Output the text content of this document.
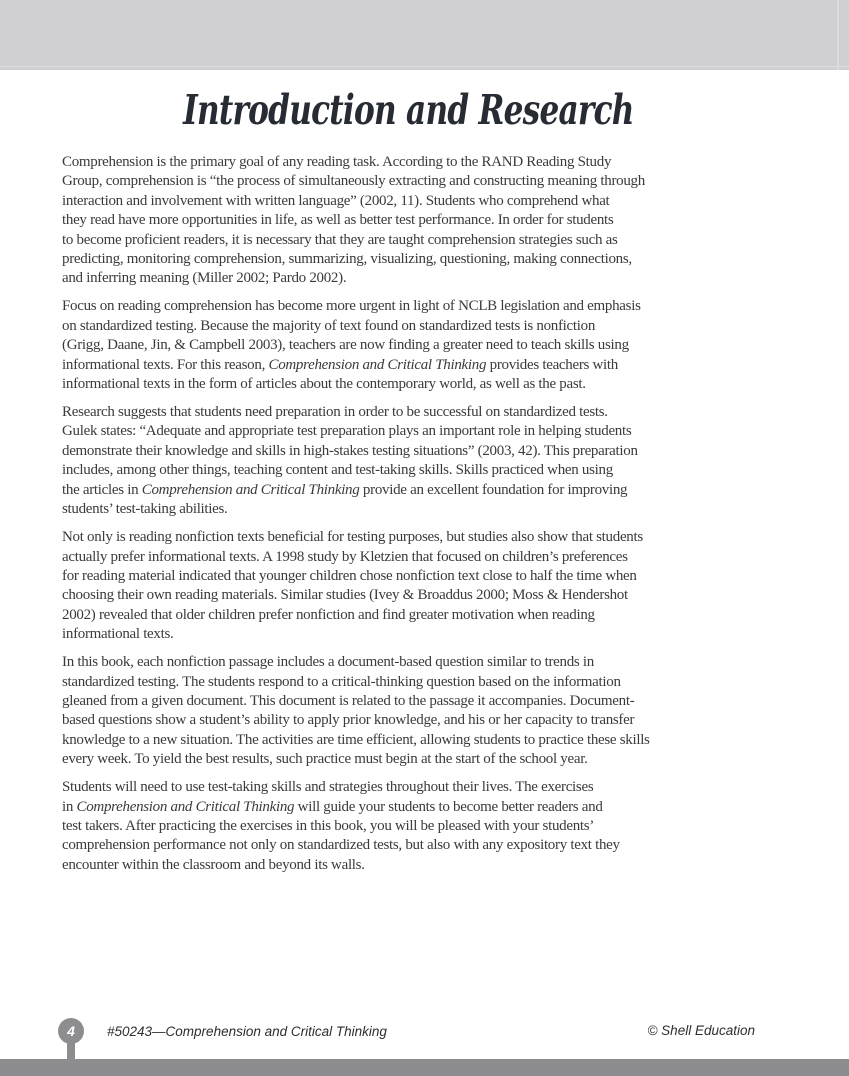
Introduction and Research

Comprehension is the primary goal of any reading task. According to the RAND Reading Study
Group, comprehension is “the process of simultaneously extracting and constructing meaning through
interaction and involvement with written language” (2002, 11). Students who comprehend what
they read have more opportunities in life, as well as better test performance. In order for students
to become proficient readers, it is necessary that they are taught comprehension strategies such as
predicting, monitoring comprehension, summarizing, visualizing, questioning, making connections,
and inferring meaning (Miller 2002; Pardo 2002).

Focus on reading comprehension has become more urgent in light of NCLB legislation and emphasis
on standardized testing. Because the majority of text found on standardized tests is nonfiction
(Grigg, Daane, Jin, & Campbell 2003), teachers are now finding a greater need to teach skills using
informational texts. For this reason, Comprehension and Critical Thinking provides teachers with
informational texts in the form of articles about the contemporary world, as well as the past.

Research suggests that students need preparation in order to be successful on standardized tests.
Gulek states: “Adequate and appropriate test preparation plays an important role in helping students
demonstrate their knowledge and skills in high-stakes testing situations” (2003, 42). This preparation
includes, among other things, teaching content and test-taking skills. Skills practiced when using
the articles in Comprehension and Critical Thinking provide an excellent foundation for improving
students’ test-taking abilities.

Not only is reading nonfiction texts beneficial for testing purposes, but studies also show that students
actually prefer informational texts. A 1998 study by Kletzien that focused on children’s preferences
for reading material indicated that younger children chose nonfiction text close to half the time when
choosing their own reading materials. Similar studies (Ivey & Broaddus 2000; Moss & Hendershot
2002) revealed that older children prefer nonfiction and find greater motivation when reading
informational texts.

In this book, each nonfiction passage includes a document-based question similar to trends in
standardized testing. The students respond to a critical-thinking question based on the information
gleaned from a given document. This document is related to the passage it accompanies. Document-
based questions show a student’s ability to apply prior knowledge, and his or her capacity to transfer
knowledge to a new situation. The activities are time efficient, allowing students to practice these skills
every week. To yield the best results, such practice must begin at the start of the school year.

Students will need to use test-taking skills and strategies throughout their lives. The exercises
in Comprehension and Critical Thinking will guide your students to become better readers and
test takers. After practicing the exercises in this book, you will be pleased with your students’
comprehension performance not only on standardized tests, but also with any expository text they
encounter within the classroom and beyond its walls.

4 #50243—Comprehension and Critical Thinking	© Shell Education
